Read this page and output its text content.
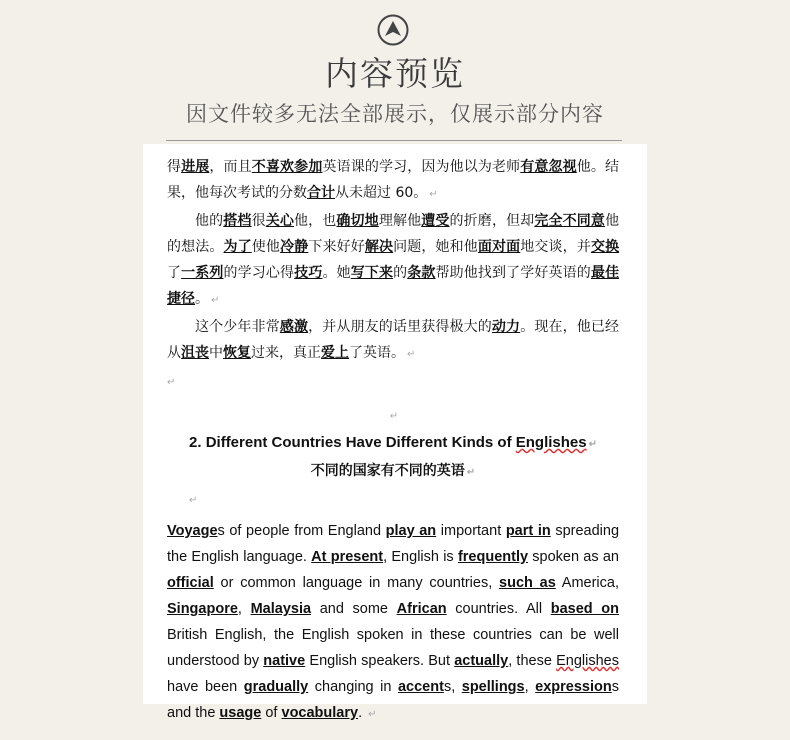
内容预览
因文件较多无法全部展示，仅展示部分内容

得进展，而且不喜欢参加英语课的学习，因为他以为老师有意忽视他。结果，他每次考试的分数合计从未超过 60。 ↵

他的搭档很关心他，也确切地理解他遭受的折磨，但却完全不同意他的想法。为了使他冷静下来好好解决问题，她和他面对面地交谈，并交换了一系列的学习心得技巧。她写下来的条款帮助他找到了学好英语的最佳捷径。 ↵

这个少年非常感激，并从朋友的话里获得极大的动力。现在，他已经从沮丧中恢复过来，真正爱上了英语。 ↵

↵

↵

2. Different Countries Have Different Kinds of Englishes ↵

不同的国家有不同的英语 ↵

↵

Voyages of people from England play an important part in spreading the English language. At present, English is frequently spoken as an official or common language in many countries, such as America, Singapore, Malaysia and some African countries. All based on British English, the English spoken in these countries can be well understood by native English speakers. But actually, these Englishes have been gradually changing in accents, spellings, expressions and the usage of vocabulary. ↵
